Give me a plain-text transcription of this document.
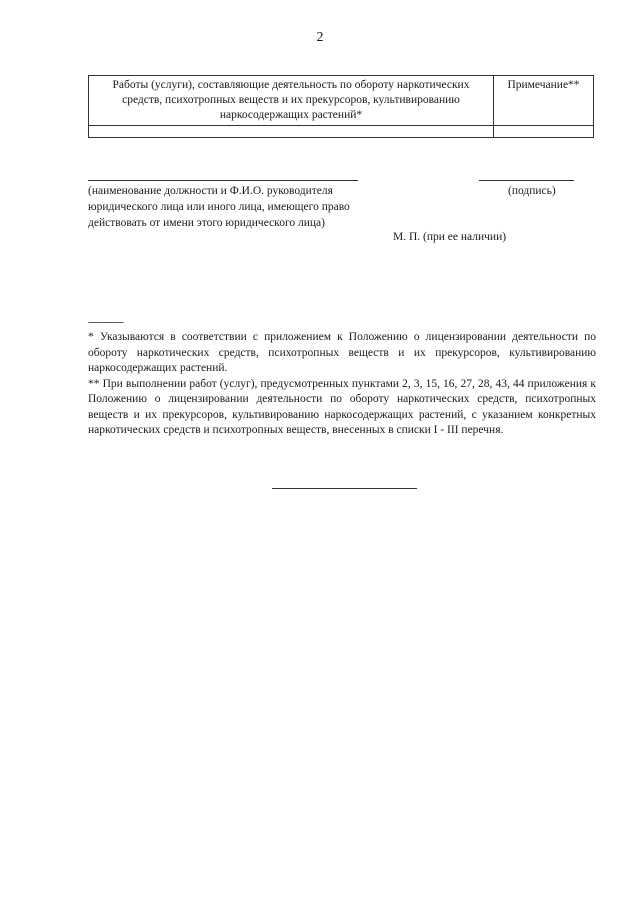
2
Работы (услуги), составляющие деятельность по обороту наркотических средств, психотропных веществ и их прекурсоров, культивированию наркосодержащих растений*	Примечание**

(наименование должности и Ф.И.О. руководителя юридического лица или иного лица, имеющего право действовать от имени этого юридического лица)
(подпись)
М. П. (при ее наличии)
---------------

* Указываются в соответствии с приложением к Положению о лицензировании деятельности по обороту наркотических средств, психотропных веществ и их прекурсоров, культивированию наркосодержащих растений.

** При выполнении работ (услуг), предусмотренных пунктами 2, 3, 15, 16, 27, 28, 43, 44 приложения к Положению о лицензировании деятельности по обороту наркотических средств, психотропных веществ и их прекурсоров, культивированию наркосодержащих растений, с указанием конкретных наркотических средств и психотропных веществ, внесенных в списки I - III перечня.
